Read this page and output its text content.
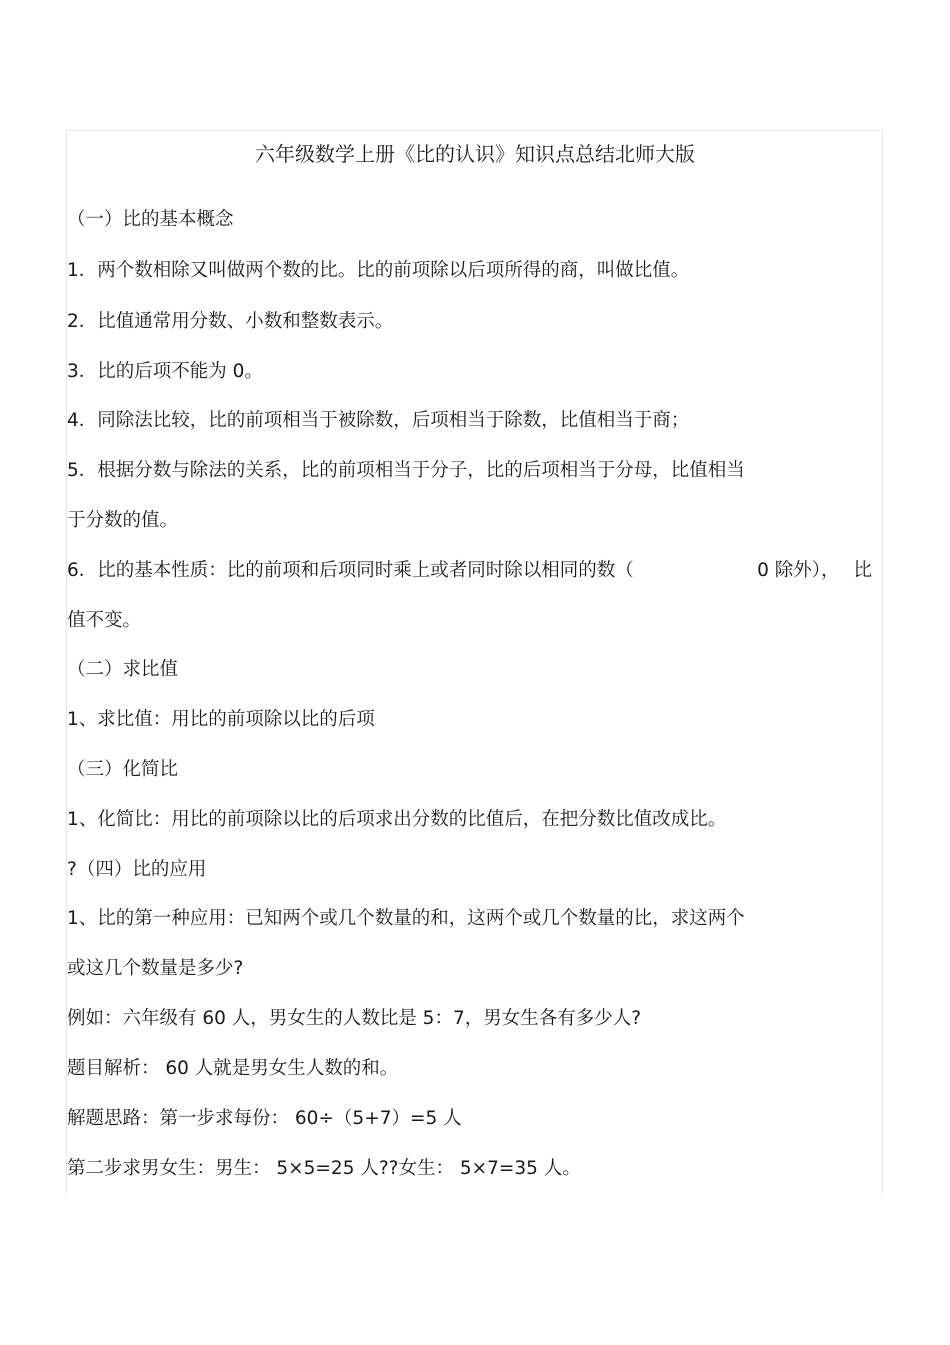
六年级数学上册《比的认识》知识点总结北师大版
（一）比的基本概念
1．两个数相除又叫做两个数的比。比的前项除以后项所得的商，叫做比值。
2．比值通常用分数、小数和整数表示。
3．比的后项不能为 0。
4．同除法比较，比的前项相当于被除数，后项相当于除数，比值相当于商；
5．根据分数与除法的关系，比的前项相当于分子，比的后项相当于分母，比值相当
于分数的值。
6．比的基本性质：比的前项和后项同时乘上或者同时除以相同的数（	0 除外）， 比
值不变。
（二）求比值
1、求比值：用比的前项除以比的后项
（三）化简比
1、化简比：用比的前项除以比的后项求出分数的比值后，在把分数比值改成比。
?（四）比的应用
1、比的第一种应用：已知两个或几个数量的和，这两个或几个数量的比，求这两个
或这几个数量是多少?
例如：六年级有 60 人，男女生的人数比是 5：7，男女生各有多少人?
题目解析： 60 人就是男女生人数的和。
解题思路：第一步求每份： 60÷（5+7）=5 人
第二步求男女生：男生： 5×5=25 人??女生： 5×7=35 人。
